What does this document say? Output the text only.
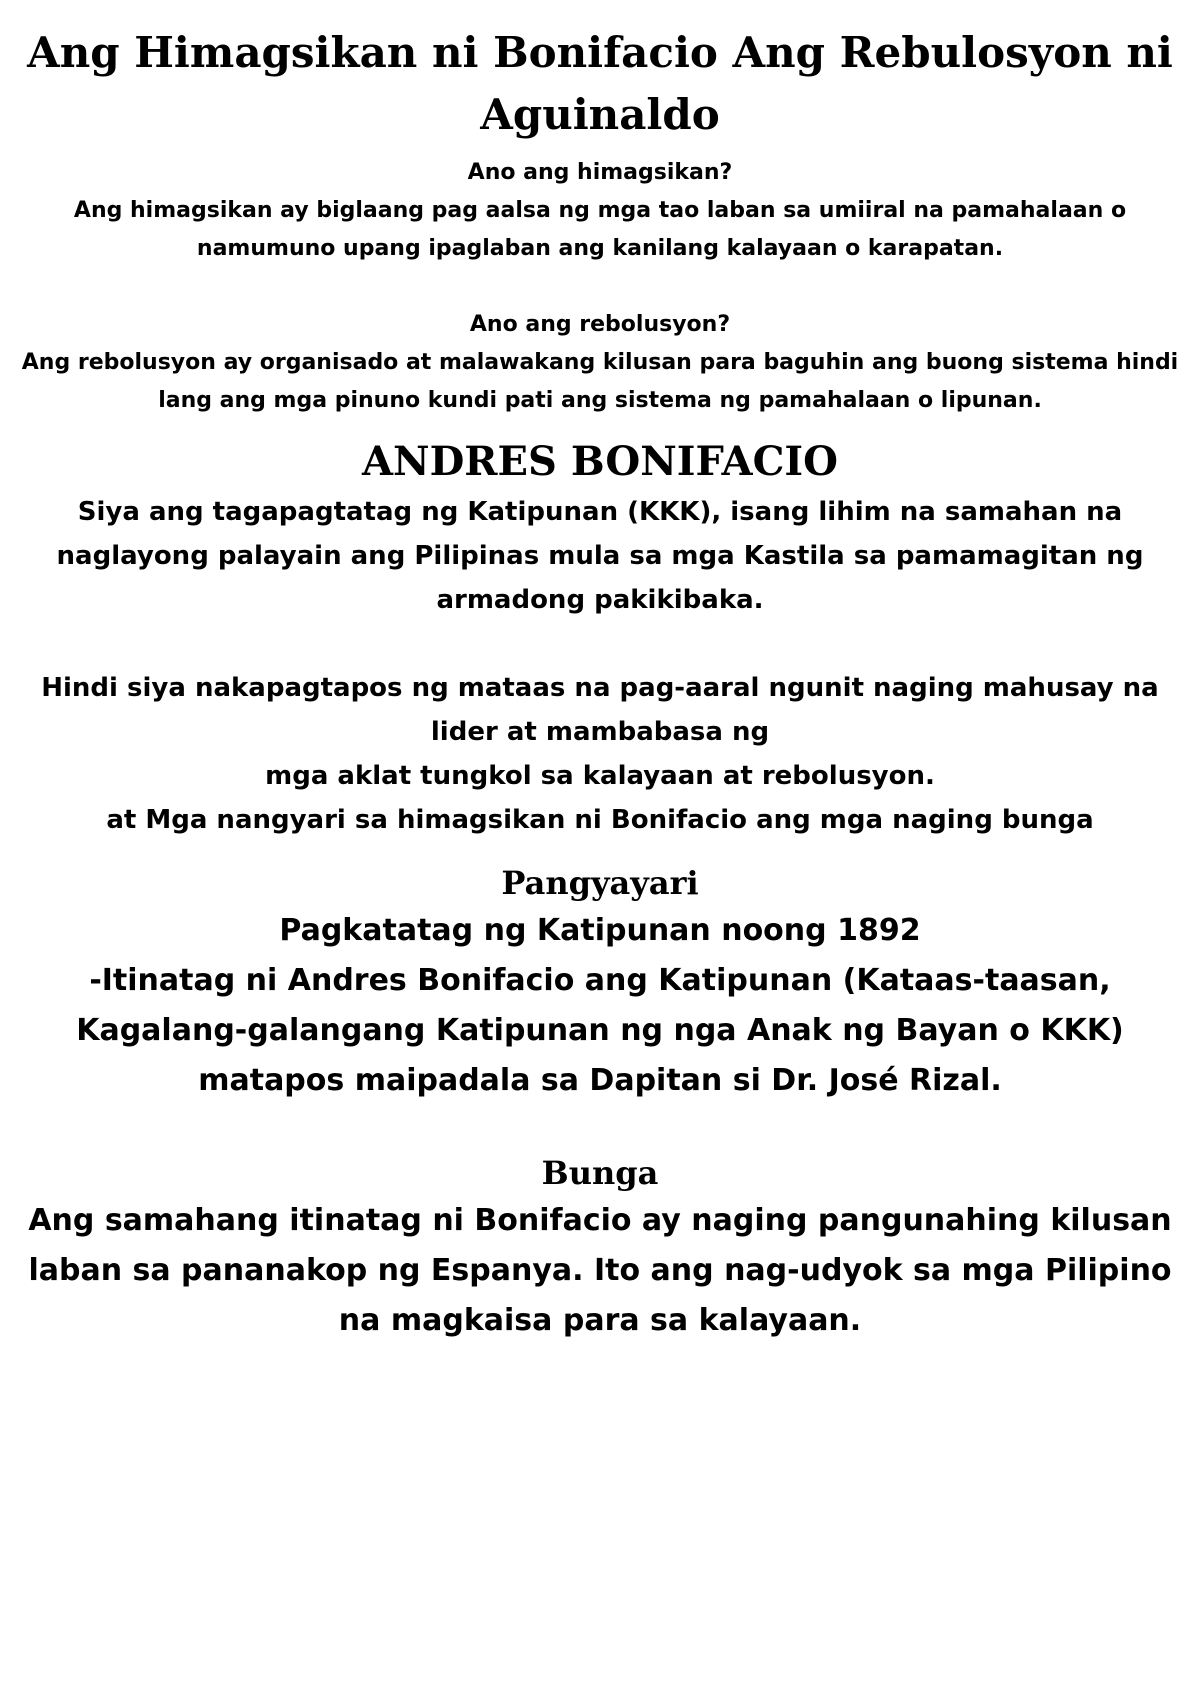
Ang Himagsikan ni Bonifacio Ang Rebulosyon ni Aguinaldo

Ano ang himagsikan?

Ang himagsikan ay biglaang pag aalsa ng mga tao laban sa umiiral na pamahalaan o namumuno upang ipaglaban ang kanilang kalayaan o karapatan.

Ano ang rebolusyon?

Ang rebolusyon ay organisado at malawakang kilusan para baguhin ang buong sistema hindi lang ang mga pinuno kundi pati ang sistema ng pamahalaan o lipunan.

ANDRES BONIFACIO

Siya ang tagapagtatag ng Katipunan (KKK), isang lihim na samahan na naglayong palayain ang Pilipinas mula sa mga Kastila sa pamamagitan ng armadong pakikibaka.

Hindi siya nakapagtapos ng mataas na pag-aaral ngunit naging mahusay na lider at mambabasa ng

mga aklat tungkol sa kalayaan at rebolusyon.

at Mga nangyari sa himagsikan ni Bonifacio ang mga naging bunga

Pangyayari

Pagkatatag ng Katipunan noong 1892

-Itinatag ni Andres Bonifacio ang Katipunan (Kataas-taasan, Kagalang-galangang Katipunan ng nga Anak ng Bayan o KKK) matapos maipadala sa Dapitan si Dr. José Rizal.

Bunga

Ang samahang itinatag ni Bonifacio ay naging pangunahing kilusan laban sa pananakop ng Espanya. Ito ang nag-udyok sa mga Pilipino na magkaisa para sa kalayaan.
